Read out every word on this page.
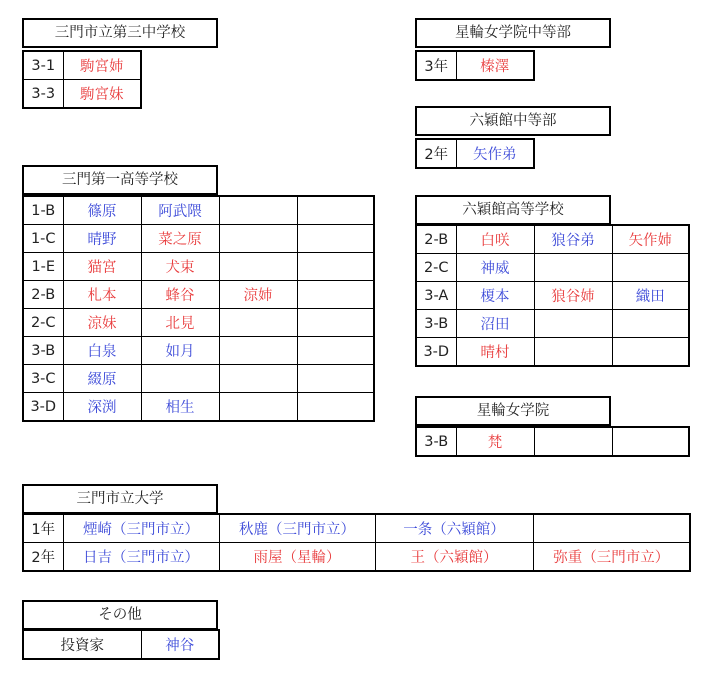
三門市立第三中学校
3-1	駒宮姉
3-3	駒宮妹
星輪女学院中等部
3年	榛澤
六穎館中等部
2年	矢作弟
三門第一高等学校
1-B	篠原	阿武隈		
1-C	晴野	菜之原		
1-E	猫宮	犬束		
2-B	札本	蜂谷	涼姉	
2-C	涼妹	北見		
3-B	白泉	如月		
3-C	綴原			
3-D	深渕	相生		
六穎館高等学校
2-B	白咲	狼谷弟	矢作姉
2-C	神威		
3-A	榎本	狼谷姉	織田
3-B	沼田		
3-D	晴村		
星輪女学院
3-B	梵		
三門市立大学
1年	煙崎（三門市立）	秋鹿（三門市立）	一条（六穎館）	
2年	日吉（三門市立）	雨屋（星輪）	王（六穎館）	弥重（三門市立）
その他
投資家	神谷
